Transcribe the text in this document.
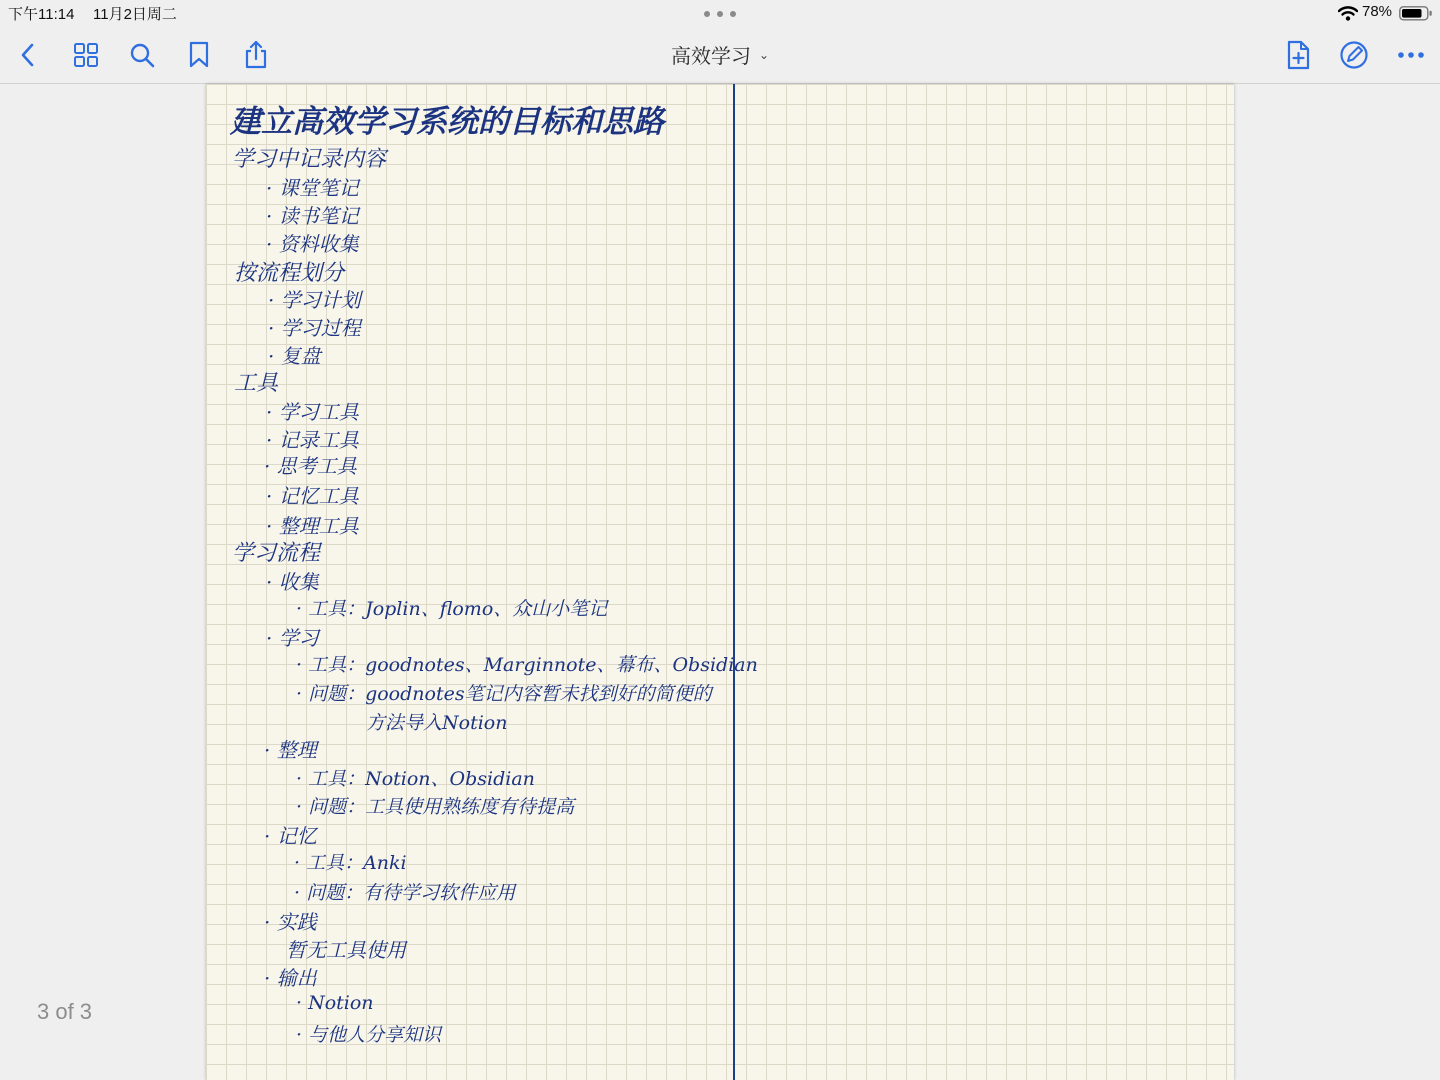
下午11:14 11月2日周二	78%
高效学习 ⌄
3 of 3
建立高效学习系统的目标和思路
学习中记录内容
· 课堂笔记
· 读书笔记
· 资料收集
按流程划分
· 学习计划
· 学习过程
· 复盘
工具
· 学习工具
· 记录工具
· 思考工具
· 记忆工具
· 整理工具
学习流程
· 收集
· 工具：Joplin、flomo、众山小笔记
· 学习
· 工具：goodnotes、Marginnote、幕布、Obsidian
· 问题：goodnotes笔记内容暂未找到好的简便的
方法导入Notion
· 整理
· 工具：Notion、Obsidian
· 问题：工具使用熟练度有待提高
· 记忆
· 工具：Anki
· 问题：有待学习软件应用
· 实践
暂无工具使用
· 输出
· Notion
· 与他人分享知识
